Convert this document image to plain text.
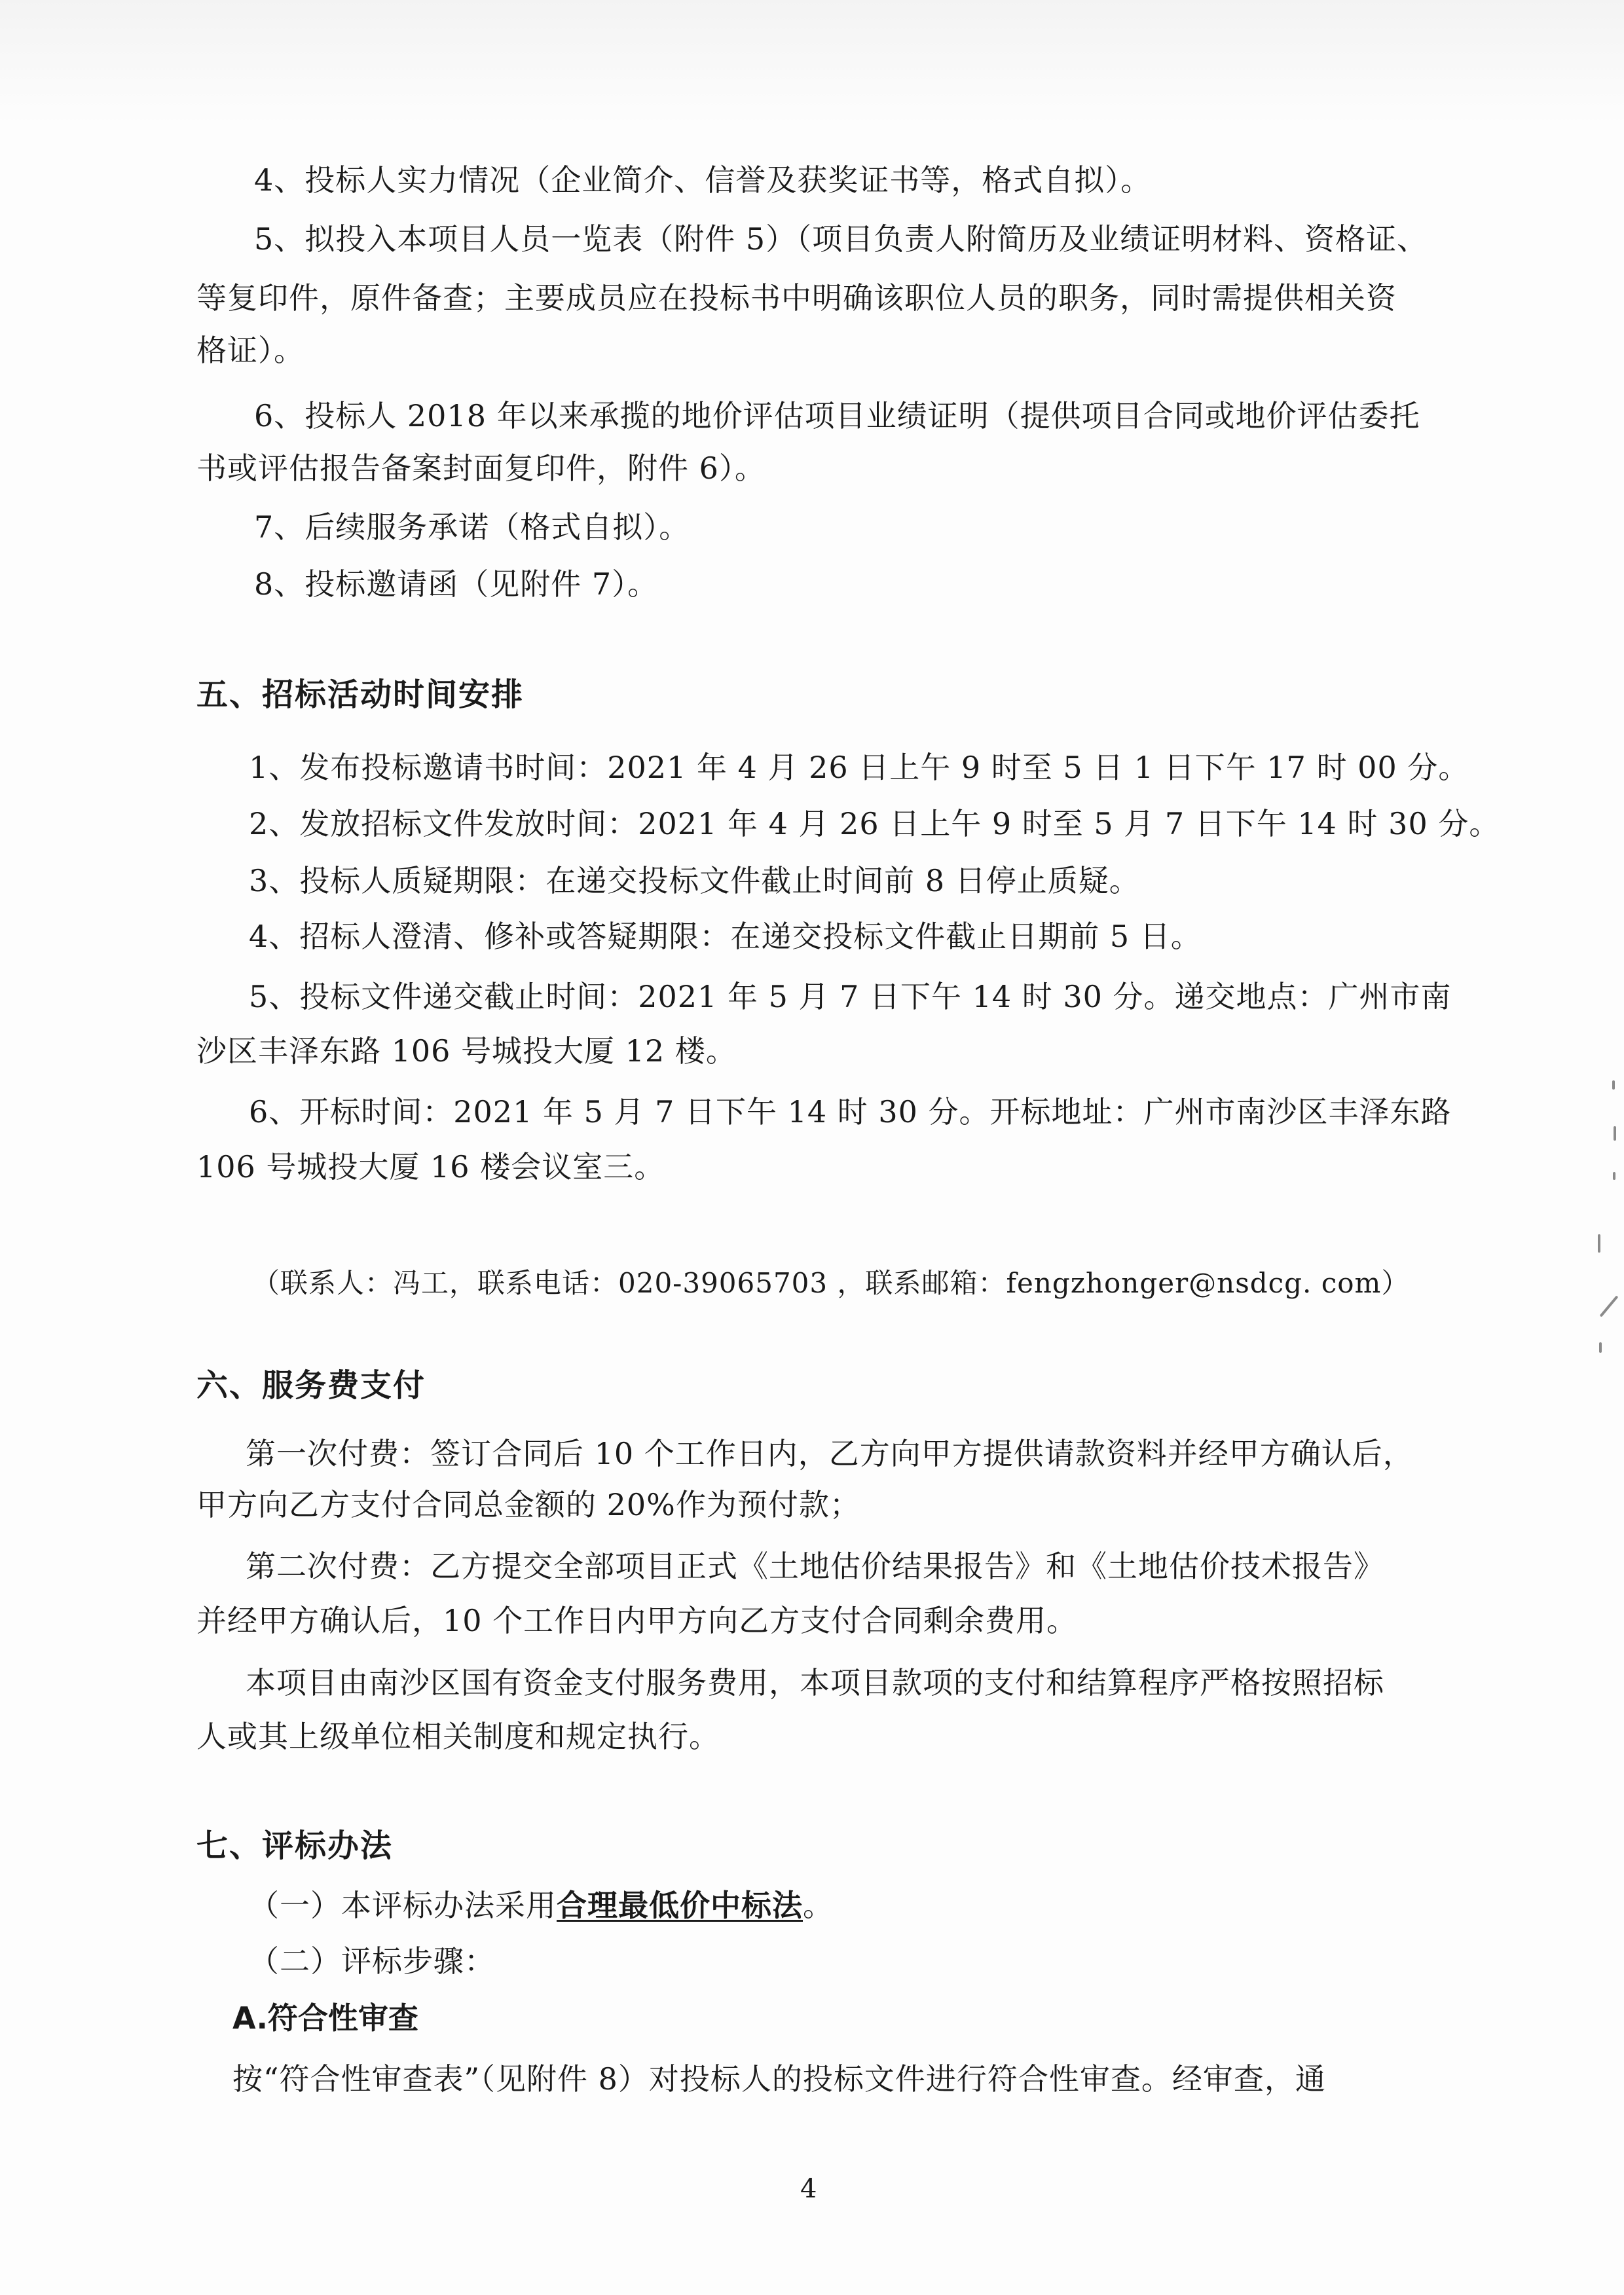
4、投标人实力情况（企业简介、信誉及获奖证书等，格式自拟）。
5、拟投入本项目人员一览表（附件 5）（项目负责人附简历及业绩证明材料、资格证、
等复印件，原件备查；主要成员应在投标书中明确该职位人员的职务，同时需提供相关资
格证）。
6、投标人 2018 年以来承揽的地价评估项目业绩证明（提供项目合同或地价评估委托
书或评估报告备案封面复印件，附件 6）。
7、后续服务承诺（格式自拟）。
8、投标邀请函（见附件 7）。
五、招标活动时间安排
1、发布投标邀请书时间：2021 年 4 月 26 日上午 9 时至 5 日 1 日下午 17 时 00 分。
2、发放招标文件发放时间：2021 年 4 月 26 日上午 9 时至 5 月 7 日下午 14 时 30 分。
3、投标人质疑期限：在递交投标文件截止时间前 8 日停止质疑。
4、招标人澄清、修补或答疑期限：在递交投标文件截止日期前 5 日。
5、投标文件递交截止时间：2021 年 5 月 7 日下午 14 时 30 分。递交地点：广州市南
沙区丰泽东路 106 号城投大厦 12 楼。
6、开标时间：2021 年 5 月 7 日下午 14 时 30 分。开标地址：广州市南沙区丰泽东路
106 号城投大厦 16 楼会议室三。
（联系人：冯工，联系电话：020-39065703 ，联系邮箱：fengzhonger@nsdcg. com）
六、服务费支付
第一次付费：签订合同后 10 个工作日内，乙方向甲方提供请款资料并经甲方确认后，
甲方向乙方支付合同总金额的 20%作为预付款；
第二次付费：乙方提交全部项目正式《土地估价结果报告》和《土地估价技术报告》
并经甲方确认后，10 个工作日内甲方向乙方支付合同剩余费用。
本项目由南沙区国有资金支付服务费用，本项目款项的支付和结算程序严格按照招标
人或其上级单位相关制度和规定执行。
七、评标办法
（一）本评标办法采用合理最低价中标法。
（二）评标步骤：
A.符合性审查
按“符合性审查表”（见附件 8）对投标人的投标文件进行符合性审查。经审查，通
4
